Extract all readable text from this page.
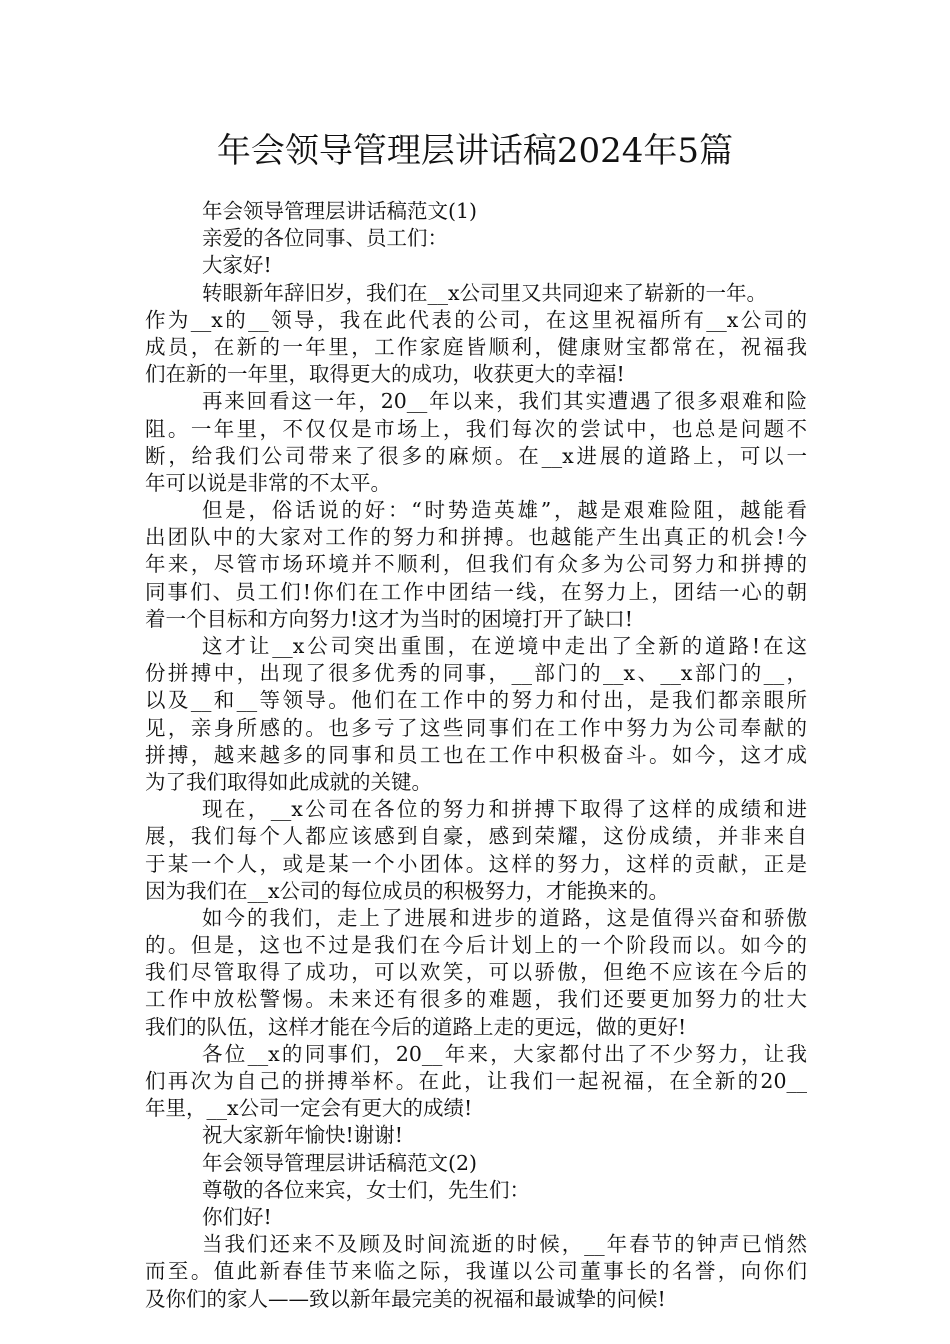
年会领导管理层讲话稿2024年5篇
年会领导管理层讲话稿范文(1)
亲爱的各位同事、员工们：
大家好!
转眼新年辞旧岁，我们在__x公司里又共同迎来了崭新的一年。
作为__x的__领导，我在此代表的公司，在这里祝福所有__x公司的
成员，在新的一年里，工作家庭皆顺利，健康财宝都常在，祝福我
们在新的一年里，取得更大的成功，收获更大的幸福!
再来回看这一年，20__年以来，我们其实遭遇了很多艰难和险
阻。一年里，不仅仅是市场上，我们每次的尝试中，也总是问题不
断，给我们公司带来了很多的麻烦。在__x进展的道路上，可以一
年可以说是非常的不太平。
但是，俗话说的好：“时势造英雄”，越是艰难险阻，越能看
出团队中的大家对工作的努力和拼搏。也越能产生出真正的机会!今
年来，尽管市场环境并不顺利，但我们有众多为公司努力和拼搏的
同事们、员工们!你们在工作中团结一线，在努力上，团结一心的朝
着一个目标和方向努力!这才为当时的困境打开了缺口!
这才让__x公司突出重围，在逆境中走出了全新的道路!在这
份拼搏中，出现了很多优秀的同事，__部门的__x、__x部门的__，
以及__和__等领导。他们在工作中的努力和付出，是我们都亲眼所
见，亲身所感的。也多亏了这些同事们在工作中努力为公司奉献的
拼搏，越来越多的同事和员工也在工作中积极奋斗。如今，这才成
为了我们取得如此成就的关键。
现在，__x公司在各位的努力和拼搏下取得了这样的成绩和进
展，我们每个人都应该感到自豪，感到荣耀，这份成绩，并非来自
于某一个人，或是某一个小团体。这样的努力，这样的贡献，正是
因为我们在__x公司的每位成员的积极努力，才能换来的。
如今的我们，走上了进展和进步的道路，这是值得兴奋和骄傲
的。但是，这也不过是我们在今后计划上的一个阶段而以。如今的
我们尽管取得了成功，可以欢笑，可以骄傲，但绝不应该在今后的
工作中放松警惕。未来还有很多的难题，我们还要更加努力的壮大
我们的队伍，这样才能在今后的道路上走的更远，做的更好!
各位__x的同事们，20__年来，大家都付出了不少努力，让我
们再次为自己的拼搏举杯。在此，让我们一起祝福，在全新的20__
年里，__x公司一定会有更大的成绩!
祝大家新年愉快!谢谢!
年会领导管理层讲话稿范文(2)
尊敬的各位来宾，女士们，先生们：
你们好!
当我们还来不及顾及时间流逝的时候，__年春节的钟声已悄然
而至。值此新春佳节来临之际，我谨以公司董事长的名誉，向你们
及你们的家人——致以新年最完美的祝福和最诚挚的问候!
